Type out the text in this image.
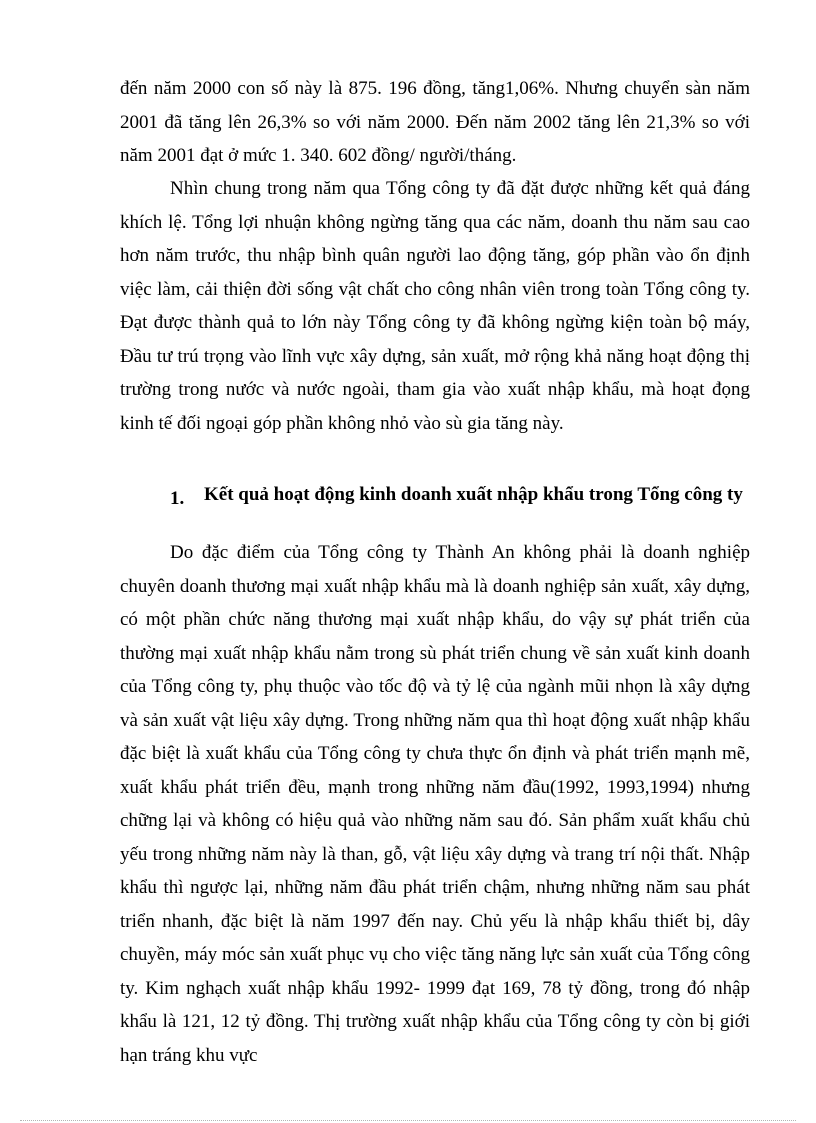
đến năm 2000 con số này là 875. 196 đồng, tăng1,06%. Nhưng chuyển sàn năm 2001 đã tăng lên 26,3% so với năm 2000. Đến năm 2002 tăng lên 21,3% so với năm 2001 đạt ở mức 1. 340. 602 đồng/ người/tháng.

Nhìn chung trong năm qua Tổng công ty đã đặt được những kết quả đáng khích lệ. Tổng lợi nhuận không ngừng tăng qua các năm, doanh thu năm sau cao hơn năm trước, thu nhập bình quân người lao động tăng, góp phần vào ổn định việc làm, cải thiện đời sống vật chất cho công nhân viên trong toàn Tổng công ty. Đạt được thành quả to lớn này Tổng công ty đã không ngừng kiện toàn bộ máy, Đầu tư trú trọng vào lĩnh vực xây dựng, sản xuất, mở rộng khả năng hoạt động thị trường trong nước và nước ngoài, tham gia vào xuất nhập khẩu, mà hoạt đọng kinh tế đối ngoại góp phần không nhỏ vào sù gia tăng này.

1. Kết quả hoạt động kinh doanh xuất nhập khẩu trong Tổng công ty

Do đặc điểm của Tổng công ty Thành An không phải là doanh nghiệp chuyên doanh thương mại xuất nhập khẩu mà là doanh nghiệp sản xuất, xây dựng, có một phần chức năng thương mại xuất nhập khẩu, do vậy sự phát triển của thường mại xuất nhập khẩu nằm trong sù phát triển chung về sản xuất kinh doanh của Tổng công ty, phụ thuộc vào tốc độ và tỷ lệ của ngành mũi nhọn là xây dựng và sản xuất vật liệu xây dựng. Trong những năm qua thì hoạt động xuất nhập khẩu đặc biệt là xuất khẩu của Tổng công ty chưa thực ổn định và phát triển mạnh mẽ, xuất khẩu phát triển đều, mạnh trong những năm đầu(1992, 1993,1994) nhưng chững lại và không có hiệu quả vào những năm sau đó. Sản phẩm xuất khẩu chủ yếu trong những năm này là than, gỗ, vật liệu xây dựng và trang trí nội thất. Nhập khẩu thì ngược lại, những năm đầu phát triển chậm, nhưng những năm sau phát triển nhanh, đặc biệt là năm 1997 đến nay. Chủ yếu là nhập khẩu thiết bị, dây chuyền, máy móc sản xuất phục vụ cho việc tăng năng lực sản xuất của Tổng công ty. Kim nghạch xuất nhập khẩu 1992- 1999 đạt 169, 78 tỷ đồng, trong đó nhập khẩu là 121, 12 tỷ đồng. Thị trường xuất nhập khẩu của Tổng công ty còn bị giới hạn tráng khu vực
